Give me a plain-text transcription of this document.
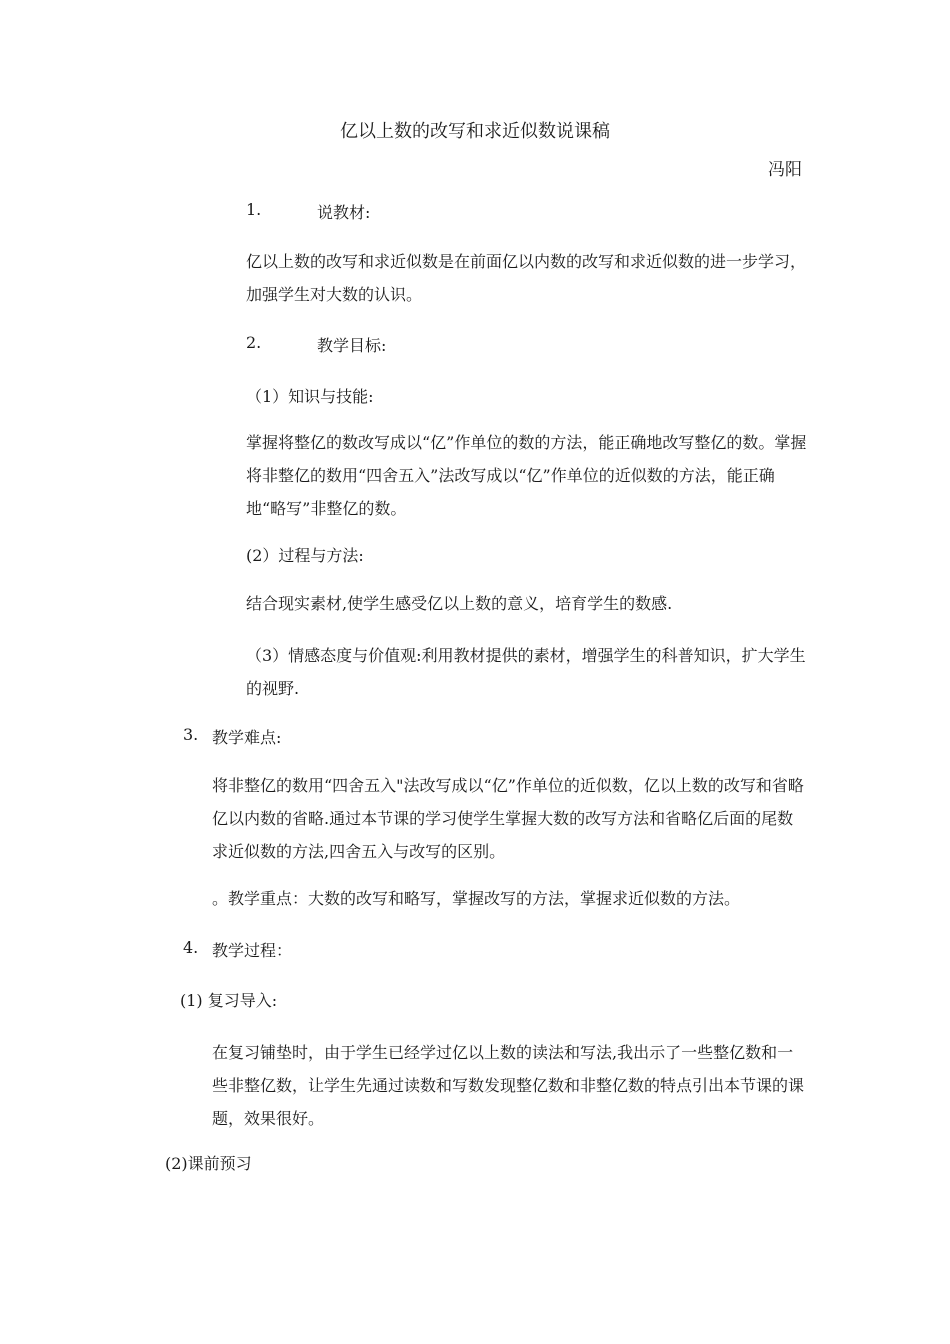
亿以上数的改写和求近似数说课稿
冯阳
1.	说教材:
亿以上数的改写和求近似数是在前面亿以内数的改写和求近似数的进一步学习，加强学生对大数的认识。
2.	教学目标:
（1）知识与技能:
掌握将整亿的数改写成以“亿”作单位的数的方法，能正确地改写整亿的数。掌握将非整亿的数用“四舍五入”法改写成以“亿”作单位的近似数的方法，能正确地“略写”非整亿的数。
(2）过程与方法:
结合现实素材,使学生感受亿以上数的意义，培育学生的数感.
（3）情感态度与价值观:利用教材提供的素材，增强学生的科普知识，扩大学生的视野.
3. 教学难点:
将非整亿的数用“四舍五入"法改写成以“亿”作单位的近似数，亿以上数的改写和省略亿以内数的省略.通过本节课的学习使学生掌握大数的改写方法和省略亿后面的尾数求近似数的方法,四舍五入与改写的区别。
。教学重点：大数的改写和略写，掌握改写的方法，掌握求近似数的方法。
4. 教学过程：
(1) 复习导入:
在复习铺垫时，由于学生已经学过亿以上数的读法和写法,我出示了一些整亿数和一些非整亿数，让学生先通过读数和写数发现整亿数和非整亿数的特点引出本节课的课题，效果很好。
(2)课前预习
